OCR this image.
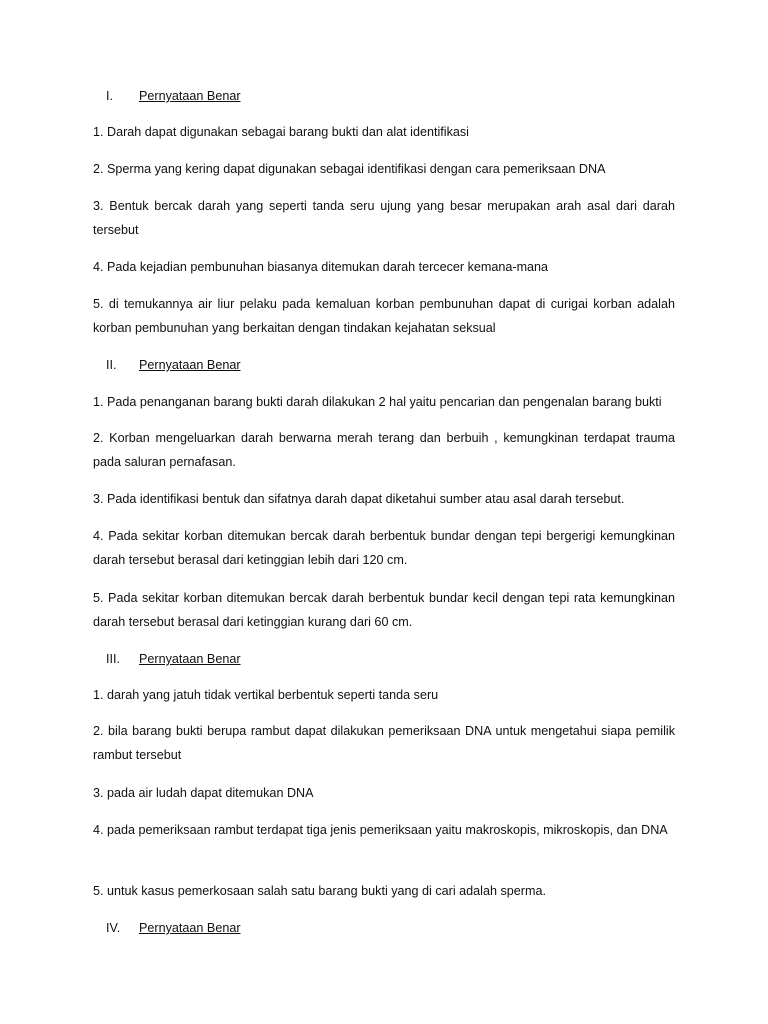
I.	Pernyataan Benar
1. Darah dapat digunakan sebagai barang bukti dan alat identifikasi
2. Sperma yang kering dapat digunakan sebagai identifikasi dengan cara pemeriksaan DNA
3. Bentuk bercak darah yang seperti tanda seru ujung yang besar merupakan arah asal dari darah tersebut
4. Pada kejadian pembunuhan biasanya ditemukan darah tercecer kemana-mana
5. di temukannya air liur pelaku pada kemaluan korban pembunuhan dapat di curigai korban adalah korban pembunuhan yang berkaitan dengan tindakan kejahatan seksual
II.	Pernyataan Benar
1. Pada penanganan barang bukti darah dilakukan 2 hal yaitu pencarian dan pengenalan barang bukti
2. Korban mengeluarkan darah berwarna merah terang dan berbuih , kemungkinan terdapat trauma pada saluran pernafasan.
3. Pada identifikasi bentuk dan sifatnya darah dapat diketahui sumber atau asal darah tersebut.
4. Pada sekitar korban ditemukan bercak darah berbentuk bundar dengan tepi bergerigi kemungkinan darah tersebut berasal dari ketinggian lebih dari 120 cm.
5. Pada sekitar korban ditemukan bercak darah berbentuk bundar kecil dengan tepi rata kemungkinan darah tersebut berasal dari ketinggian kurang dari 60 cm.
III.	Pernyataan Benar
1. darah yang jatuh tidak vertikal berbentuk seperti tanda seru
2. bila barang bukti berupa rambut dapat dilakukan pemeriksaan DNA untuk mengetahui siapa pemilik rambut tersebut
3. pada air ludah dapat ditemukan DNA
4. pada pemeriksaan rambut terdapat tiga jenis pemeriksaan yaitu makroskopis, mikroskopis, dan DNA
5. untuk kasus pemerkosaan salah satu barang bukti yang di cari adalah sperma.
IV.	Pernyataan Benar
